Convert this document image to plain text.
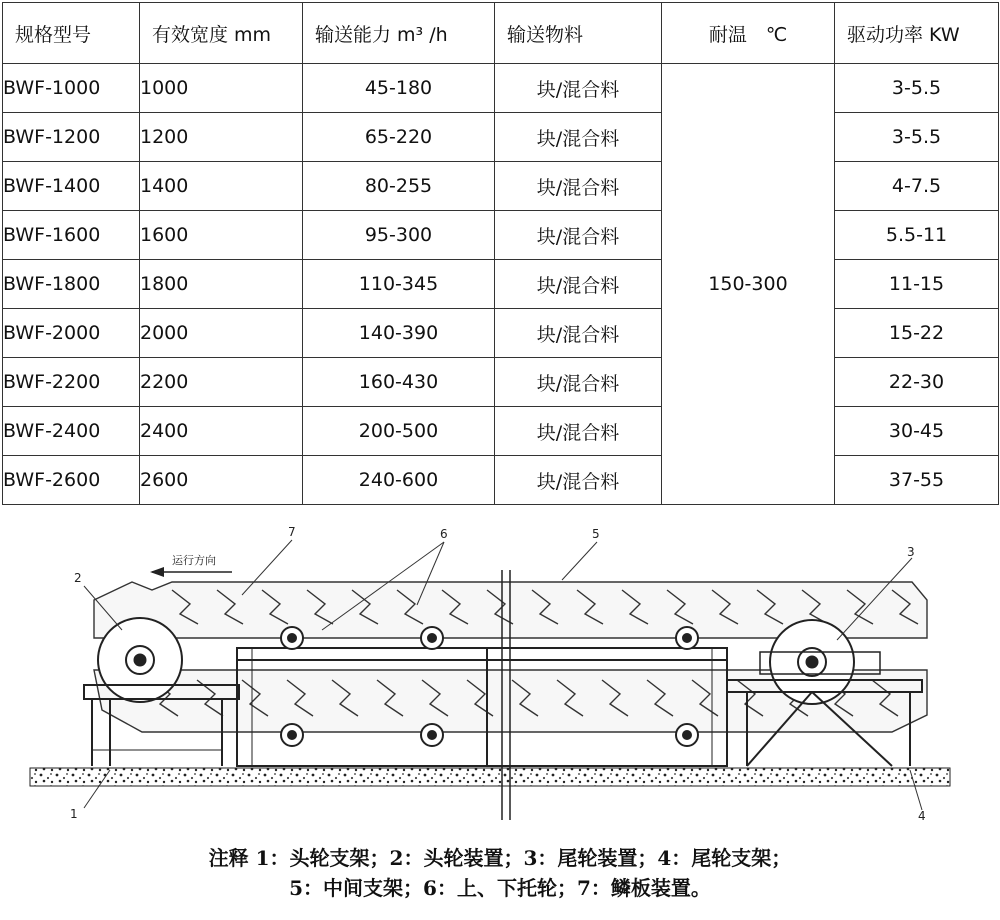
规格型号	有效宽度 mm	输送能力 m³ /h	输送物料	耐温　℃	驱动功率 KW
BWF-1000	1000	45-180	块/混合料	150-300	3-5.5
BWF-1200	1200	65-220	块/混合料		3-5.5
BWF-1400	1400	80-255	块/混合料		4-7.5
BWF-1600	1600	95-300	块/混合料		5.5-11
BWF-1800	1800	110-345	块/混合料		11-15
BWF-2000	2000	140-390	块/混合料		15-22
BWF-2200	2200	160-430	块/混合料		22-30
BWF-2400	2400	200-500	块/混合料		30-45
BWF-2600	2600	240-600	块/混合料		37-55
运行方向
1
2
3
4
5
6
7
注释 1：头轮支架；2：头轮装置；3：尾轮装置；4：尾轮支架；
5：中间支架；6：上、下托轮；7：鳞板装置。
